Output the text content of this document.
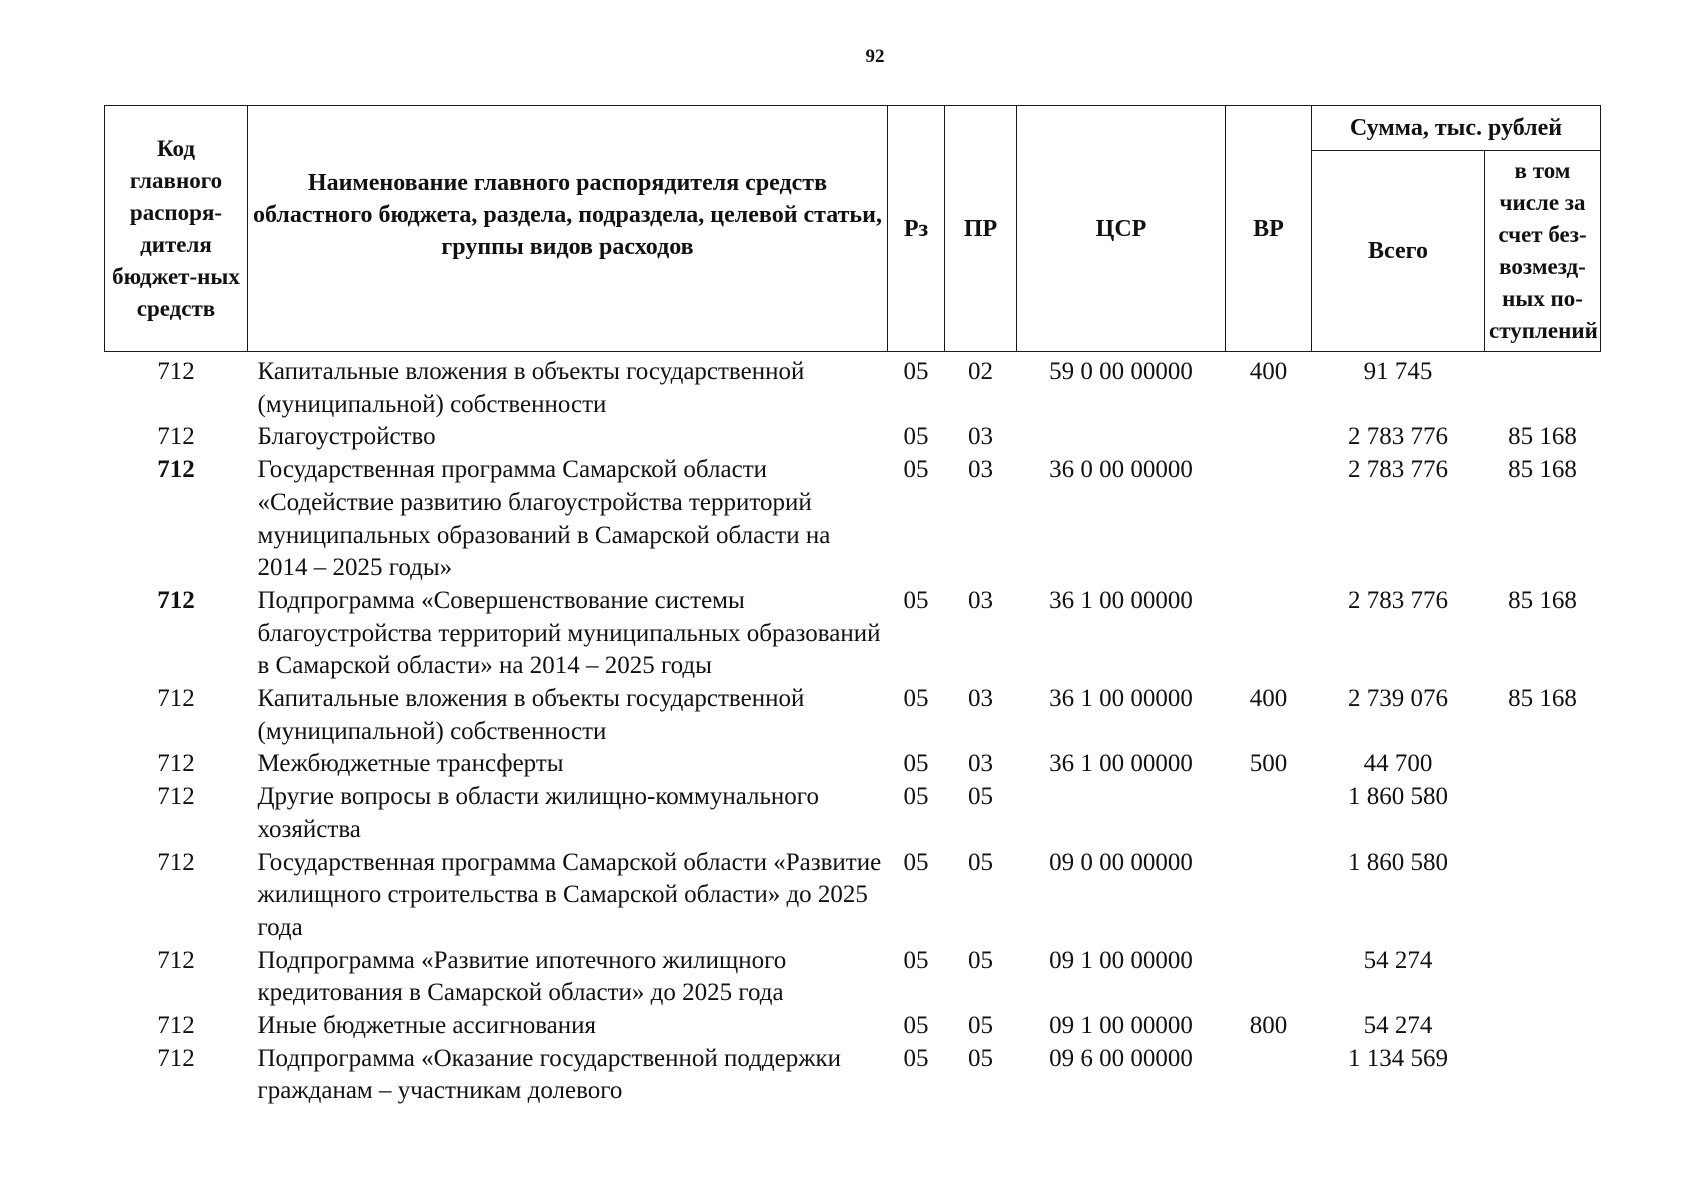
92
Код главного распоря-дителя бюджет-ных средств	Наименование главного распорядителя средств областного бюджета, раздела, подраздела, целевой статьи, группы видов расходов	Рз	ПР	ЦСР	ВР	Сумма, тыс. рублей	
						Всего	в том числе за счет без-возмезд-ных по-ступлений
712	Капитальные вложения в объекты государственной (муниципальной) собственности	05	02	59 0 00 00000	400	91 745	
712	Благоустройство	05	03			2 783 776	85 168
712	Государственная программа Самарской области «Содействие развитию благоустройства территорий муниципальных образований в Самарской области на 2014 – 2025 годы»	05	03	36 0 00 00000		2 783 776	85 168
712	Подпрограмма «Совершенствование системы благоустройства территорий муниципальных образований в Самарской области» на 2014 – 2025 годы	05	03	36 1 00 00000		2 783 776	85 168
712	Капитальные вложения в объекты государственной (муниципальной) собственности	05	03	36 1 00 00000	400	2 739 076	85 168
712	Межбюджетные трансферты	05	03	36 1 00 00000	500	44 700	
712	Другие вопросы в области жилищно-коммунального хозяйства	05	05			1 860 580	
712	Государственная программа Самарской области «Развитие жилищного строительства в Самарской области» до 2025 года	05	05	09 0 00 00000		1 860 580	
712	Подпрограмма «Развитие ипотечного жилищного кредитования в Самарской области» до 2025 года	05	05	09 1 00 00000		54 274	
712	Иные бюджетные ассигнования	05	05	09 1 00 00000	800	54 274	
712	Подпрограмма «Оказание государственной поддержки гражданам – участникам долевого	05	05	09 6 00 00000		1 134 569	
